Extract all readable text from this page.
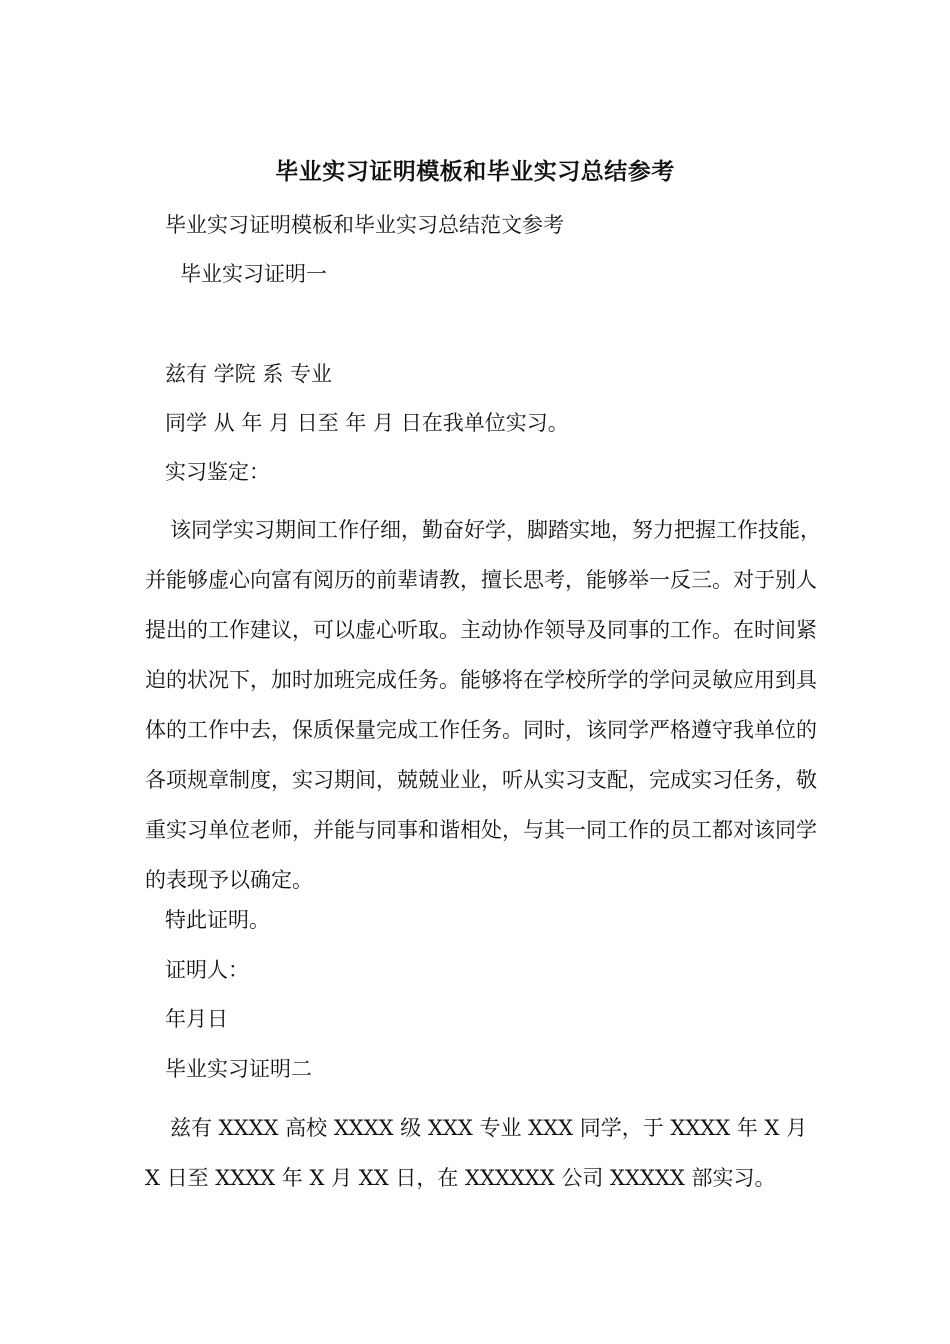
毕业实习证明模板和毕业实习总结参考
毕业实习证明模板和毕业实习总结范文参考
毕业实习证明一
兹有 学院 系 专业
同学 从 年 月 日至 年 月 日在我单位实习。
实习鉴定：
该同学实习期间工作仔细，勤奋好学，脚踏实地，努力把握工作技能，并能够虚心向富有阅历的前辈请教，擅长思考，能够举一反三。对于别人提出的工作建议，可以虚心听取。主动协作领导及同事的工作。在时间紧迫的状况下，加时加班完成任务。能够将在学校所学的学问灵敏应用到具体的工作中去，保质保量完成工作任务。同时，该同学严格遵守我单位的各项规章制度，实习期间，兢兢业业，听从实习支配，完成实习任务，敬重实习单位老师，并能与同事和谐相处，与其一同工作的员工都对该同学的表现予以确定。
特此证明。
证明人：
年月日
毕业实习证明二
兹有 XXXX 高校 XXXX 级 XXX 专业 XXX 同学，于 XXXX 年 X 月 X 日至 XXXX 年 X 月 XX 日，在 XXXXXX 公司 XXXXX 部实习。
